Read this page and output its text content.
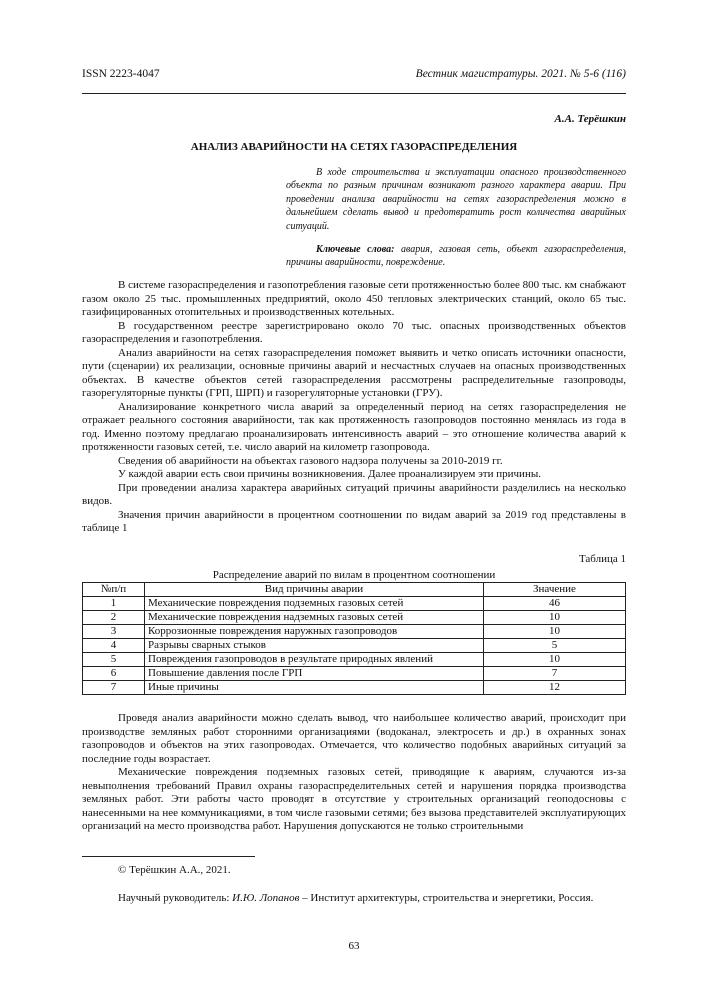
ISSN 2223-4047	Вестник магистратуры. 2021. № 5-6 (116)
А.А. Терёшкин
АНАЛИЗ АВАРИЙНОСТИ НА СЕТЯХ ГАЗОРАСПРЕДЕЛЕНИЯ

В ходе строительства и эксплуатации опасного производственного объекта по разным причинам возникают разного характера аварии. При проведении анализа аварийности на сетях газораспределения можно в дальнейшем сделать вывод и предотвратить рост количества аварийных ситуаций.

Ключевые слова: авария, газовая сеть, объект газораспределения, причины аварийности, повреждение.

В системе газораспределения и газопотребления газовые сети протяженностью более 800 тыс. км снабжают газом около 25 тыс. промышленных предприятий, около 450 тепловых электрических станций, около 65 тыс. газифицированных отопительных и производственных котельных.

В государственном реестре зарегистрировано около 70 тыс. опасных производственных объектов газораспределения и газопотребления.

Анализ аварийности на сетях газораспределения поможет выявить и четко описать источники опасности, пути (сценарии) их реализации, основные причины аварий и несчастных случаев на опасных производственных объектах. В качестве объектов сетей газораспределения рассмотрены распределительные газопроводы, газорегуляторные пункты (ГРП, ШРП) и газорегуляторные установки (ГРУ).

Анализирование конкретного числа аварий за определенный период на сетях газораспределения не отражает реального состояния аварийности, так как протяженность газопроводов постоянно менялась из года в год. Именно поэтому предлагаю проанализировать интенсивность аварий – это отношение количества аварий к протяженности газовых сетей, т.е. число аварий на километр газопровода.

Сведения об аварийности на объектах газового надзора получены за 2010-2019 гг.

У каждой аварии есть свои причины возникновения. Далее проанализируем эти причины.

При проведении анализа характера аварийных ситуаций причины аварийности разделились на несколько видов.

Значения причин аварийности в процентном соотношении по видам аварий за 2019 год представлены в таблице 1

Таблица 1
Распределение аварий по вилам в процентном соотношении
№п/п	Вид причины аварии	Значение
1	Механические повреждения подземных газовых сетей	46
2	Механические повреждения надземных газовых сетей	10
3	Коррозионные повреждения наружных газопроводов	10
4	Разрывы сварных стыков	5
5	Повреждения газопроводов в результате природных явлений	10
6	Повышение давления после ГРП	7
7	Иные причины	12

Проведя анализ аварийности можно сделать вывод, что наибольшее количество аварий, происходит при производстве земляных работ сторонними организациями (водоканал, электросеть и др.) в охранных зонах газопроводов и объектов на этих газопроводах. Отмечается, что количество подобных аварийных ситуаций за последние годы возрастает.

Механические повреждения подземных газовых сетей, приводящие к авариям, случаются из-за невыполнения требований Правил охраны газораспределительных сетей и нарушения порядка производства земляных работ. Эти работы часто проводят в отсутствие у строительных организаций геоподосновы с нанесенными на нее коммуникациями, в том числе газовыми сетями; без вызова представителей эксплуатирующих организаций на место производства работ. Нарушения допускаются не только строительными

© Терёшкин А.А., 2021.
Научный руководитель: И.Ю. Лопанов – Институт архитектуры, строительства и энергетики, Россия.
63
